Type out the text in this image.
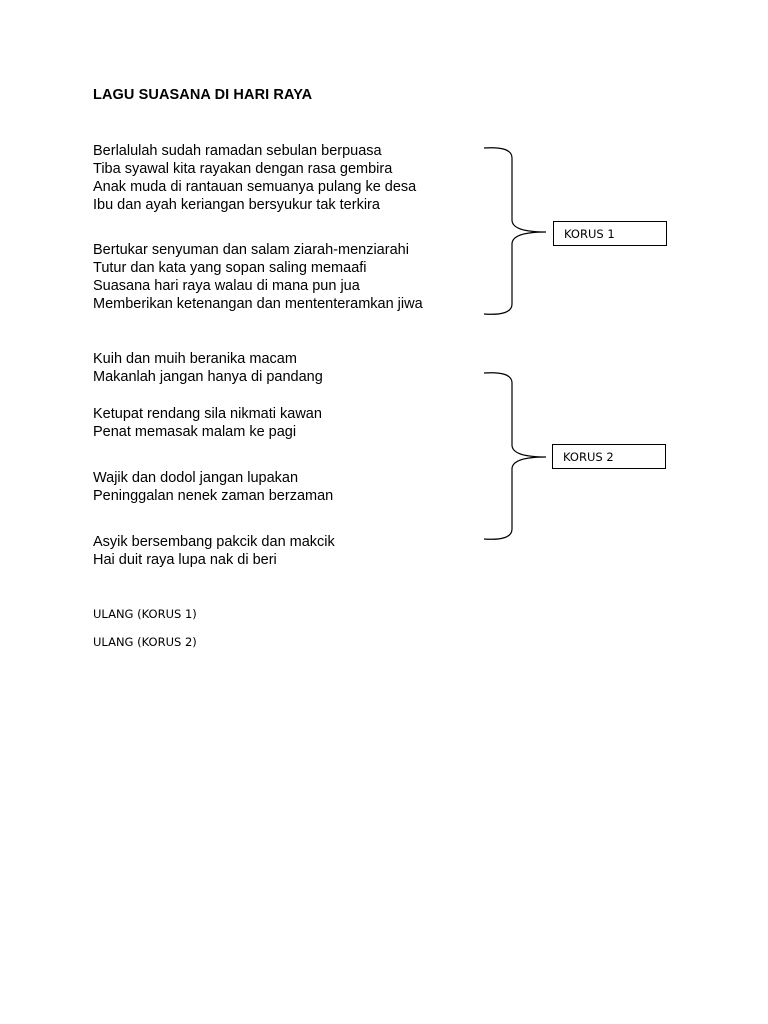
LAGU SUASANA DI HARI RAYA
Berlalulah sudah ramadan sebulan berpuasa
Tiba syawal kita rayakan dengan rasa gembira
Anak muda di rantauan semuanya pulang ke desa
Ibu dan ayah keriangan bersyukur tak terkira
Bertukar senyuman dan salam ziarah-menziarahi
Tutur dan kata yang sopan saling memaafi
Suasana hari raya walau di mana pun jua
Memberikan ketenangan dan mententeramkan jiwa
Kuih dan muih beranika macam
Makanlah jangan hanya di pandang
Ketupat rendang sila nikmati kawan
Penat memasak malam ke pagi
Wajik dan dodol jangan lupakan
Peninggalan nenek zaman berzaman
Asyik bersembang pakcik dan makcik
Hai duit raya lupa nak di beri
KORUS 1
KORUS 2
ULANG (KORUS 1)
ULANG (KORUS 2)
